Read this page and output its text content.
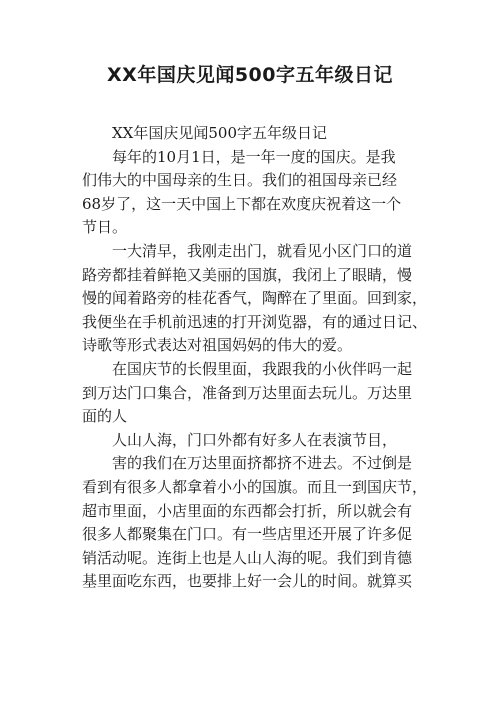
XX年国庆见闻500字五年级日记

XX年国庆见闻500字五年级日记

每年的10月1日，是一年一度的国庆。是我
们伟大的中国母亲的生日。我们的祖国母亲已经
68岁了，这一天中国上下都在欢度庆祝着这一个
节日。

一大清早，我刚走出门，就看见小区门口的道
路旁都挂着鲜艳又美丽的国旗，我闭上了眼睛，慢
慢的闻着路旁的桂花香气，陶醉在了里面。回到家，
我便坐在手机前迅速的打开浏览器，有的通过日记、
诗歌等形式表达对祖国妈妈的伟大的爱。

在国庆节的长假里面，我跟我的小伙伴吗一起
到万达门口集合，准备到万达里面去玩儿。万达里
面的人

人山人海，门口外都有好多人在表演节目，

害的我们在万达里面挤都挤不进去。不过倒是
看到有很多人都拿着小小的国旗。而且一到国庆节，
超市里面，小店里面的东西都会打折，所以就会有
很多人都聚集在门口。有一些店里还开展了许多促
销活动呢。连街上也是人山人海的呢。我们到肯德
基里面吃东西，也要排上好一会儿的时间。就算买
